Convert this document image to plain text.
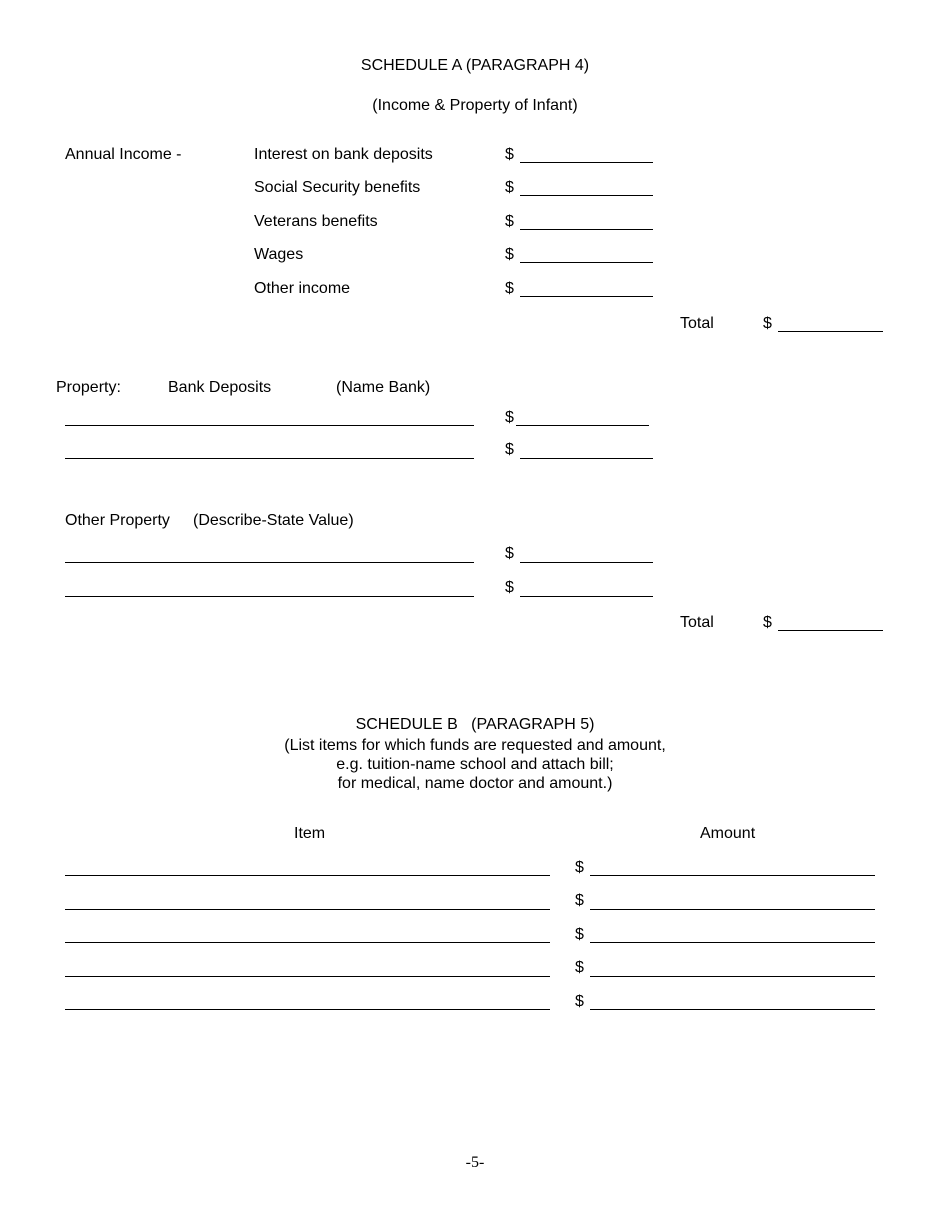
SCHEDULE A (PARAGRAPH 4)
(Income & Property of Infant)
Annual Income -	Interest on bank deposits	$
Social Security benefits	$
Veterans benefits	$
Wages	$
Other income	$
Total	$
Property:	Bank Deposits	(Name Bank)
$
$
Other Property (Describe-State Value)
$
$
Total	$
SCHEDULE B   (PARAGRAPH 5)
(List items for which funds are requested and amount,
e.g. tuition-name school and attach bill;
for medical, name doctor and amount.)
Item	Amount
$
$
$
$
$
-5-
